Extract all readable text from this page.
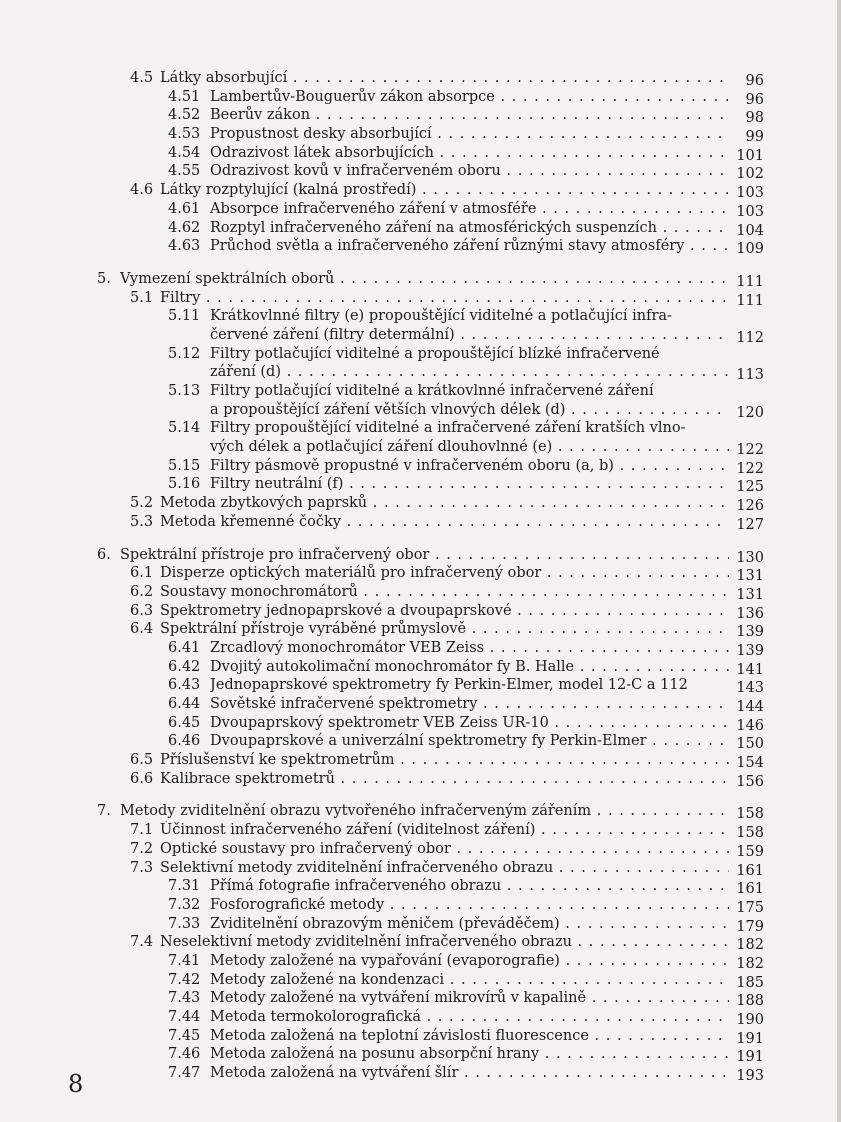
4.5 Látky absorbující . . .	96
4.51 Lambertův-Bouguerův zákon absorpce . . .	96
4.52 Beerův zákon . . .	98
4.53 Propustnost desky absorbující . . .	99
4.54 Odrazivost látek absorbujících . . .	101
4.55 Odrazivost kovů v infračerveném oboru . . .	102
4.6 Látky rozptylující (kalná prostředí) . . .	103
4.61 Absorpce infračerveného záření v atmosféře . . .	103
4.62 Rozptyl infračerveného záření na atmosférických suspenzích . . .	104
4.63 Průchod světla a infračerveného záření různými stavy atmosféry . . .	109
5. Vymezení spektrálních oborů . . .	111
5.1 Filtry . . .	111
5.11 Krátkovlnné filtry (e) propouštějící viditelné a potlačující infra-
červené záření (filtry determální) . . .	112
5.12 Filtry potlačující viditelné a propouštějící blízké infračervené
záření (d) . . .	113
5.13 Filtry potlačující viditelné a krátkovlnné infračervené záření
a propouštějící záření větších vlnových délek (d) . . .	120
5.14 Filtry propouštějící viditelné a infračervené záření kratších vlno-
vých délek a potlačující záření dlouhovlnné (e) . . .	122
5.15 Filtry pásmově propustné v infračerveném oboru (a, b) . . .	122
5.16 Filtry neutrální (f) . . .	125
5.2 Metoda zbytkových paprsků . . .	126
5.3 Metoda křemenné čočky . . .	127
6. Spektrální přístroje pro infračervený obor . . .	130
6.1 Disperze optických materiálů pro infračervený obor . . .	131
6.2 Soustavy monochromátorů . . .	131
6.3 Spektrometry jednopaprskové a dvoupaprskové . . .	136
6.4 Spektrální přístroje vyráběné průmyslově . . .	139
6.41 Zrcadlový monochromátor VEB Zeiss . . .	139
6.42 Dvojitý autokolimační monochromátor fy B. Halle . . .	141
6.43 Jednopaprskové spektrometry fy Perkin-Elmer, model 12-C a 112	143
6.44 Sovětské infračervené spektrometry . . .	144
6.45 Dvoupaprskový spektrometr VEB Zeiss UR-10 . . .	146
6.46 Dvoupaprskové a univerzální spektrometry fy Perkin-Elmer . . .	150
6.5 Příslušenství ke spektrometrům . . .	154
6.6 Kalibrace spektrometrů . . .	156
7. Metody zviditelnění obrazu vytvořeného infračerveným zářením . . .	158
7.1 Účinnost infračerveného záření (viditelnost záření) . . .	158
7.2 Optické soustavy pro infračervený obor . . .	159
7.3 Selektivní metody zviditelnění infračerveného obrazu . . .	161
7.31 Přímá fotografie infračerveného obrazu . . .	161
7.32 Fosforografické metody . . .	175
7.33 Zviditelnění obrazovým měničem (převáděčem) . . .	179
7.4 Neselektivní metody zviditelnění infračerveného obrazu . . .	182
7.41 Metody založené na vypařování (evaporografie) . . .	182
7.42 Metody založené na kondenzaci . . .	185
7.43 Metody založené na vytváření mikrovírů v kapalině . . .	188
7.44 Metoda termokolorografická . . .	190
7.45 Metoda založená na teplotní závislosti fluorescence . . .	191
7.46 Metoda založená na posunu absorpční hrany . . .	191
7.47 Metoda založená na vytváření šlír . . .	193
8
